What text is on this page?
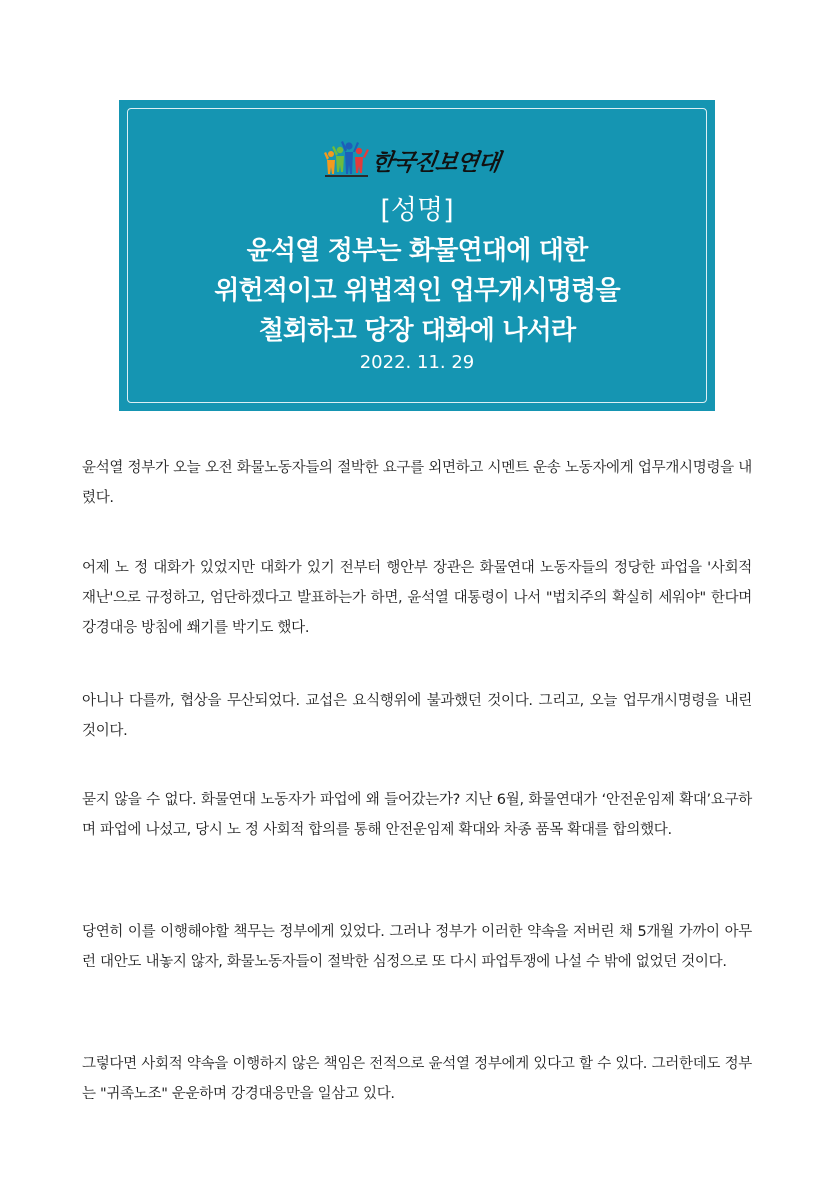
한국진보연대
[성명]
윤석열 정부는 화물연대에 대한
위헌적이고 위법적인 업무개시명령을
철회하고 당장 대화에 나서라
2022. 11. 29

윤석열 정부가 오늘 오전 화물노동자들의 절박한 요구를 외면하고 시멘트 운송 노동자에게 업무개시명령을 내렸다.

어제 노 정 대화가 있었지만 대화가 있기 전부터 행안부 장관은 화물연대 노동자들의 정당한 파업을 '사회적 재난'으로 규정하고, 엄단하겠다고 발표하는가 하면, 윤석열 대통령이 나서 "법치주의 확실히 세워야" 한다며 강경대응 방침에 쐐기를 박기도 했다.

아니나 다를까, 협상을 무산되었다. 교섭은 요식행위에 불과했던 것이다. 그리고, 오늘 업무개시명령을 내린 것이다.

묻지 않을 수 없다. 화물연대 노동자가 파업에 왜 들어갔는가? 지난 6월, 화물연대가 ‘안전운임제 확대’요구하며 파업에 나섰고, 당시 노 정 사회적 합의를 통해 안전운임제 확대와 차종 품목 확대를 합의했다.

당연히 이를 이행해야할 책무는 정부에게 있었다. 그러나 정부가 이러한 약속을 저버린 채 5개월 가까이 아무런 대안도 내놓지 않자, 화물노동자들이 절박한 심정으로 또 다시 파업투쟁에 나설 수 밖에 없었던 것이다.

그렇다면 사회적 약속을 이행하지 않은 책임은 전적으로 윤석열 정부에게 있다고 할 수 있다. 그러한데도 정부는 "귀족노조" 운운하며 강경대응만을 일삼고 있다.
